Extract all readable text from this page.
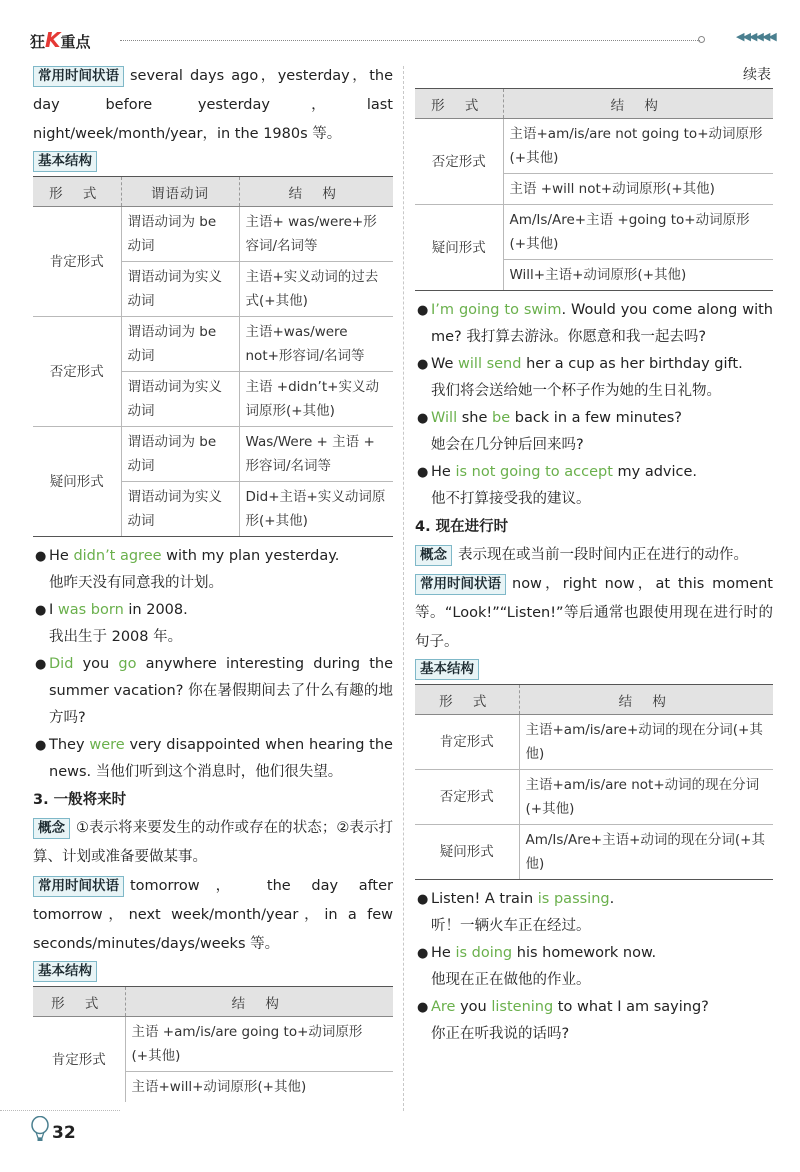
狂K重点	◀◀◀◀◀◀
常用时间状语 several days ago，yesterday，the day before yesterday，last night/week/month/year，in the 1980s 等。
基本结构
形 式	谓语动词	结 构
肯定形式	谓语动词为 be 动词	主语+ was/were+形容词/名词等
	谓语动词为实义动词	主语+实义动词的过去式(+其他)
否定形式	谓语动词为 be 动词	主语+was/were not+形容词/名词等
	谓语动词为实义动词	主语 +didn’t+实义动词原形(+其他)
疑问形式	谓语动词为 be 动词	Was/Were + 主语 + 形容词/名词等
	谓语动词为实义动词	Did+主语+实义动词原形(+其他)
● He didn’t agree with my plan yesterday.
他昨天没有同意我的计划。
● I was born in 2008.
我出生于 2008 年。
● Did you go anywhere interesting during the summer vacation? 你在暑假期间去了什么有趣的地方吗?
● They were very disappointed when hearing the news. 当他们听到这个消息时，他们很失望。
3. 一般将来时
概念 ①表示将来要发生的动作或存在的状态；②表示打算、计划或准备要做某事。
常用时间状语 tomorrow， the day after tomorrow，next week/month/year，in a few seconds/minutes/days/weeks 等。
基本结构
形 式	结 构
肯定形式	主语 +am/is/are going to+动词原形(+其他)
	主语+will+动词原形(+其他)
续表
形 式	结 构
否定形式	主语+am/is/are not going to+动词原形(+其他)
	主语 +will not+动词原形(+其他)
疑问形式	Am/Is/Are+主语 +going to+动词原形(+其他)
	Will+主语+动词原形(+其他)
● I’m going to swim. Would you come along with me? 我打算去游泳。你愿意和我一起去吗?
● We will send her a cup as her birthday gift.
我们将会送给她一个杯子作为她的生日礼物。
● Will she be back in a few minutes?
她会在几分钟后回来吗?
● He is not going to accept my advice.
他不打算接受我的建议。
4. 现在进行时
概念 表示现在或当前一段时间内正在进行的动作。
常用时间状语 now，right now，at this moment 等。“Look!”“Listen!”等后通常也跟使用现在进行时的句子。
基本结构
形 式	结 构
肯定形式	主语+am/is/are+动词的现在分词(+其他)
否定形式	主语+am/is/are not+动词的现在分词(+其他)
疑问形式	Am/Is/Are+主语+动词的现在分词(+其他)
● Listen! A train is passing.
听！一辆火车正在经过。
● He is doing his homework now.
他现在正在做他的作业。
● Are you listening to what I am saying?
你正在听我说的话吗?
32
